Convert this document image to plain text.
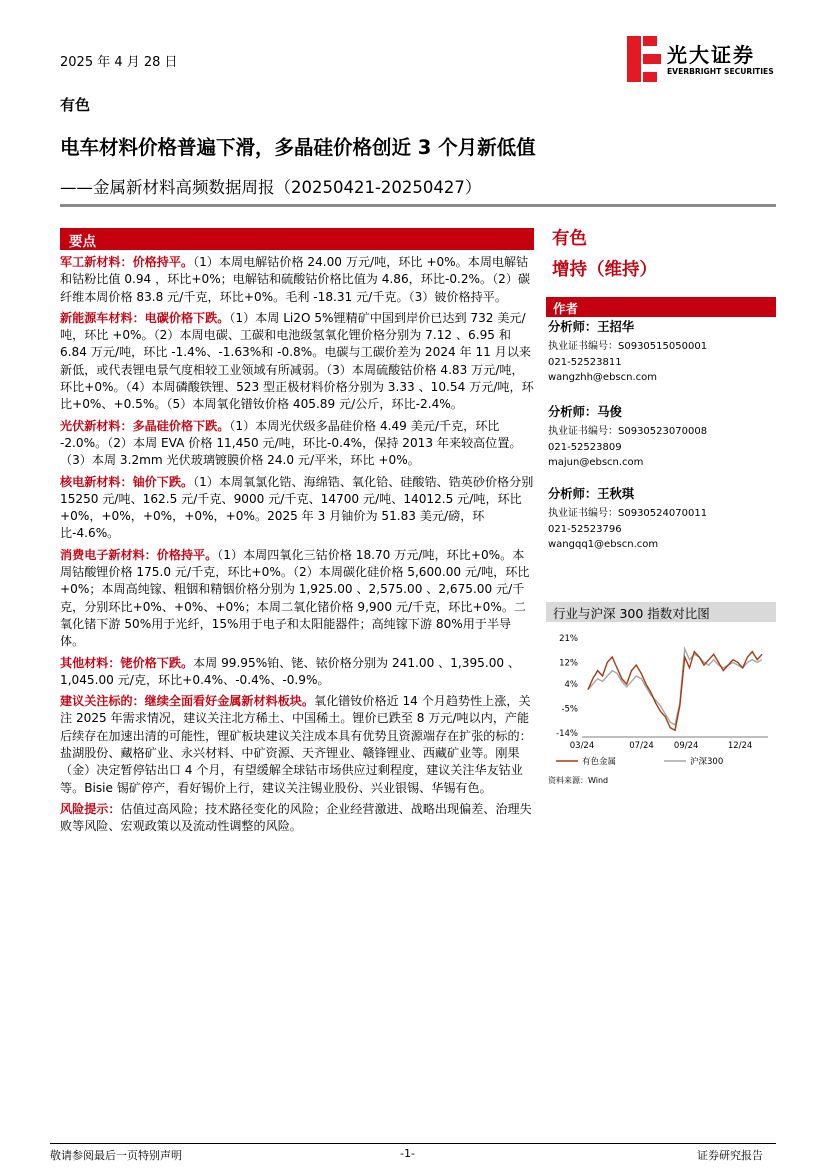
2025 年 4 月 28 日	光大证券
EVERBRIGHT SECURITIES
有色
电车材料价格普遍下滑，多晶硅价格创近 3 个月新低值
——金属新材料高频数据周报（20250421-20250427）
要点

军工新材料：价格持平。（1）本周电解钴价格 24.00 万元/吨，环比 +0%。本周电解钴和钴粉比值 0.94 ，环比+0%；电解钴和硫酸钴价格比值为 4.86，环比-0.2%。（2）碳纤维本周价格 83.8 元/千克，环比+0%。毛利 -18.31 元/千克。（3）铍价格持平。

新能源车材料：电碳价格下跌。（1）本周 Li2O 5%锂精矿中国到岸价已达到 732 美元/吨，环比 +0%。（2）本周电碳、工碳和电池级氢氧化锂价格分别为 7.12 、6.95 和 6.84 万元/吨，环比 -1.4%、-1.63%和 -0.8%。电碳与工碳价差为 2024 年 11 月以来新低，或代表锂电景气度相较工业领域有所减弱。（3）本周硫酸钴价格 4.83 万元/吨，环比+0%。（4）本周磷酸铁锂、523 型正极材料价格分别为 3.33 、10.54 万元/吨，环比+0%、+0.5%。（5）本周氧化镨钕价格 405.89 元/公斤，环比-2.4%。

光伏新材料：多晶硅价格下跌。（1）本周光伏级多晶硅价格 4.49 美元/千克，环比 -2.0%。（2）本周 EVA 价格 11,450 元/吨，环比-0.4%，保持 2013 年来较高位置。（3）本周 3.2mm 光伏玻璃镀膜价格 24.0 元/平米，环比 +0%。

核电新材料：铀价下跌。（1）本周氧氯化锆、海绵锆、氧化铪、硅酸锆、锆英砂价格分别 15250 元/吨、162.5 元/千克、9000 元/千克、14700 元/吨、14012.5 元/吨，环比+0%，+0%，+0%，+0%，+0%。2025 年 3 月铀价为 51.83 美元/磅，环比-4.6%。

消费电子新材料：价格持平。（1）本周四氧化三钴价格 18.70 万元/吨，环比+0%。本周钴酸锂价格 175.0 元/千克，环比+0%。（2）本周碳化硅价格 5,600.00 元/吨，环比 +0%；本周高纯镓、粗铟和精铟价格分别为 1,925.00 、2,575.00 、2,675.00 元/千克，分别环比+0%、+0%、+0%；本周二氧化锗价格 9,900 元/千克，环比+0%。二氧化锗下游 50%用于光纤，15%用于电子和太阳能器件；高纯镓下游 80%用于半导体。

其他材料：铑价格下跌。本周 99.95%铂、铑、铱价格分别为 241.00 、1,395.00 、1,045.00 元/克，环比+0.4%、-0.4%、-0.9%。

建议关注标的：继续全面看好金属新材料板块。氧化镨钕价格近 14 个月趋势性上涨，关注 2025 年需求情况，建议关注北方稀土、中国稀土。锂价已跌至 8 万元/吨以内，产能后续存在加速出清的可能性，锂矿板块建议关注成本具有优势且资源端存在扩张的标的：盐湖股份、藏格矿业、永兴材料、中矿资源、天齐锂业、赣锋锂业、西藏矿业等。刚果（金）决定暂停钴出口 4 个月，有望缓解全球钴市场供应过剩程度，建议关注华友钴业等。Bisie 锡矿停产，看好锡价上行，建议关注锡业股份、兴业银锡、华锡有色。

风险提示：估值过高风险；技术路径变化的风险；企业经营激进、战略出现偏差、治理失败等风险、宏观政策以及流动性调整的风险。

有色
增持（维持）
作者
分析师：王招华
执业证书编号：S0930515050001
021-52523811
wangzhh@ebscn.com
分析师：马俊
执业证书编号：S0930523070008
021-52523809
majun@ebscn.com
分析师：王秋琪
执业证书编号：S0930524070011
021-52523796
wangqq1@ebscn.com
行业与沪深 300 指数对比图
21%
12%
4%
-5%
-14%
03/24	07/24 09/24	12/24
有色金属	沪深300
资料来源：Wind
敬请参阅最后一页特别声明	-1-	证券研究报告
